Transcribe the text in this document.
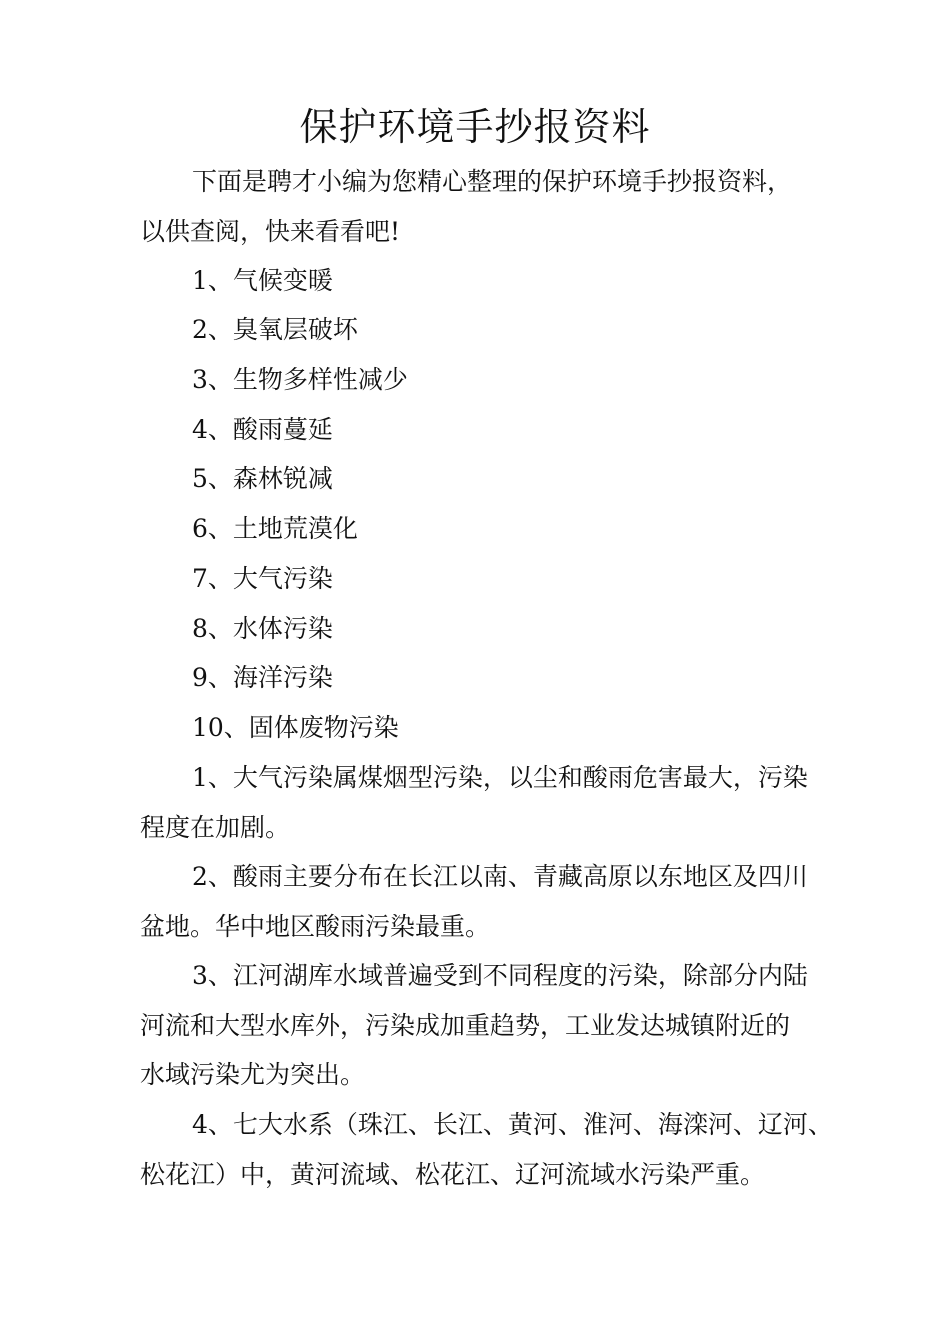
保护环境手抄报资料
下面是聘才小编为您精心整理的保护环境手抄报资料，
以供查阅，快来看看吧!
1、气候变暖
2、臭氧层破坏
3、生物多样性减少
4、酸雨蔓延
5、森林锐减
6、土地荒漠化
7、大气污染
8、水体污染
9、海洋污染
10、固体废物污染
1、大气污染属煤烟型污染，以尘和酸雨危害最大，污染
程度在加剧。
2、酸雨主要分布在长江以南、青藏高原以东地区及四川
盆地。华中地区酸雨污染最重。
3、江河湖库水域普遍受到不同程度的污染，除部分内陆
河流和大型水库外，污染成加重趋势，工业发达城镇附近的
水域污染尤为突出。
4、七大水系（珠江、长江、黄河、淮河、海滦河、辽河、
松花江）中，黄河流域、松花江、辽河流域水污染严重。
